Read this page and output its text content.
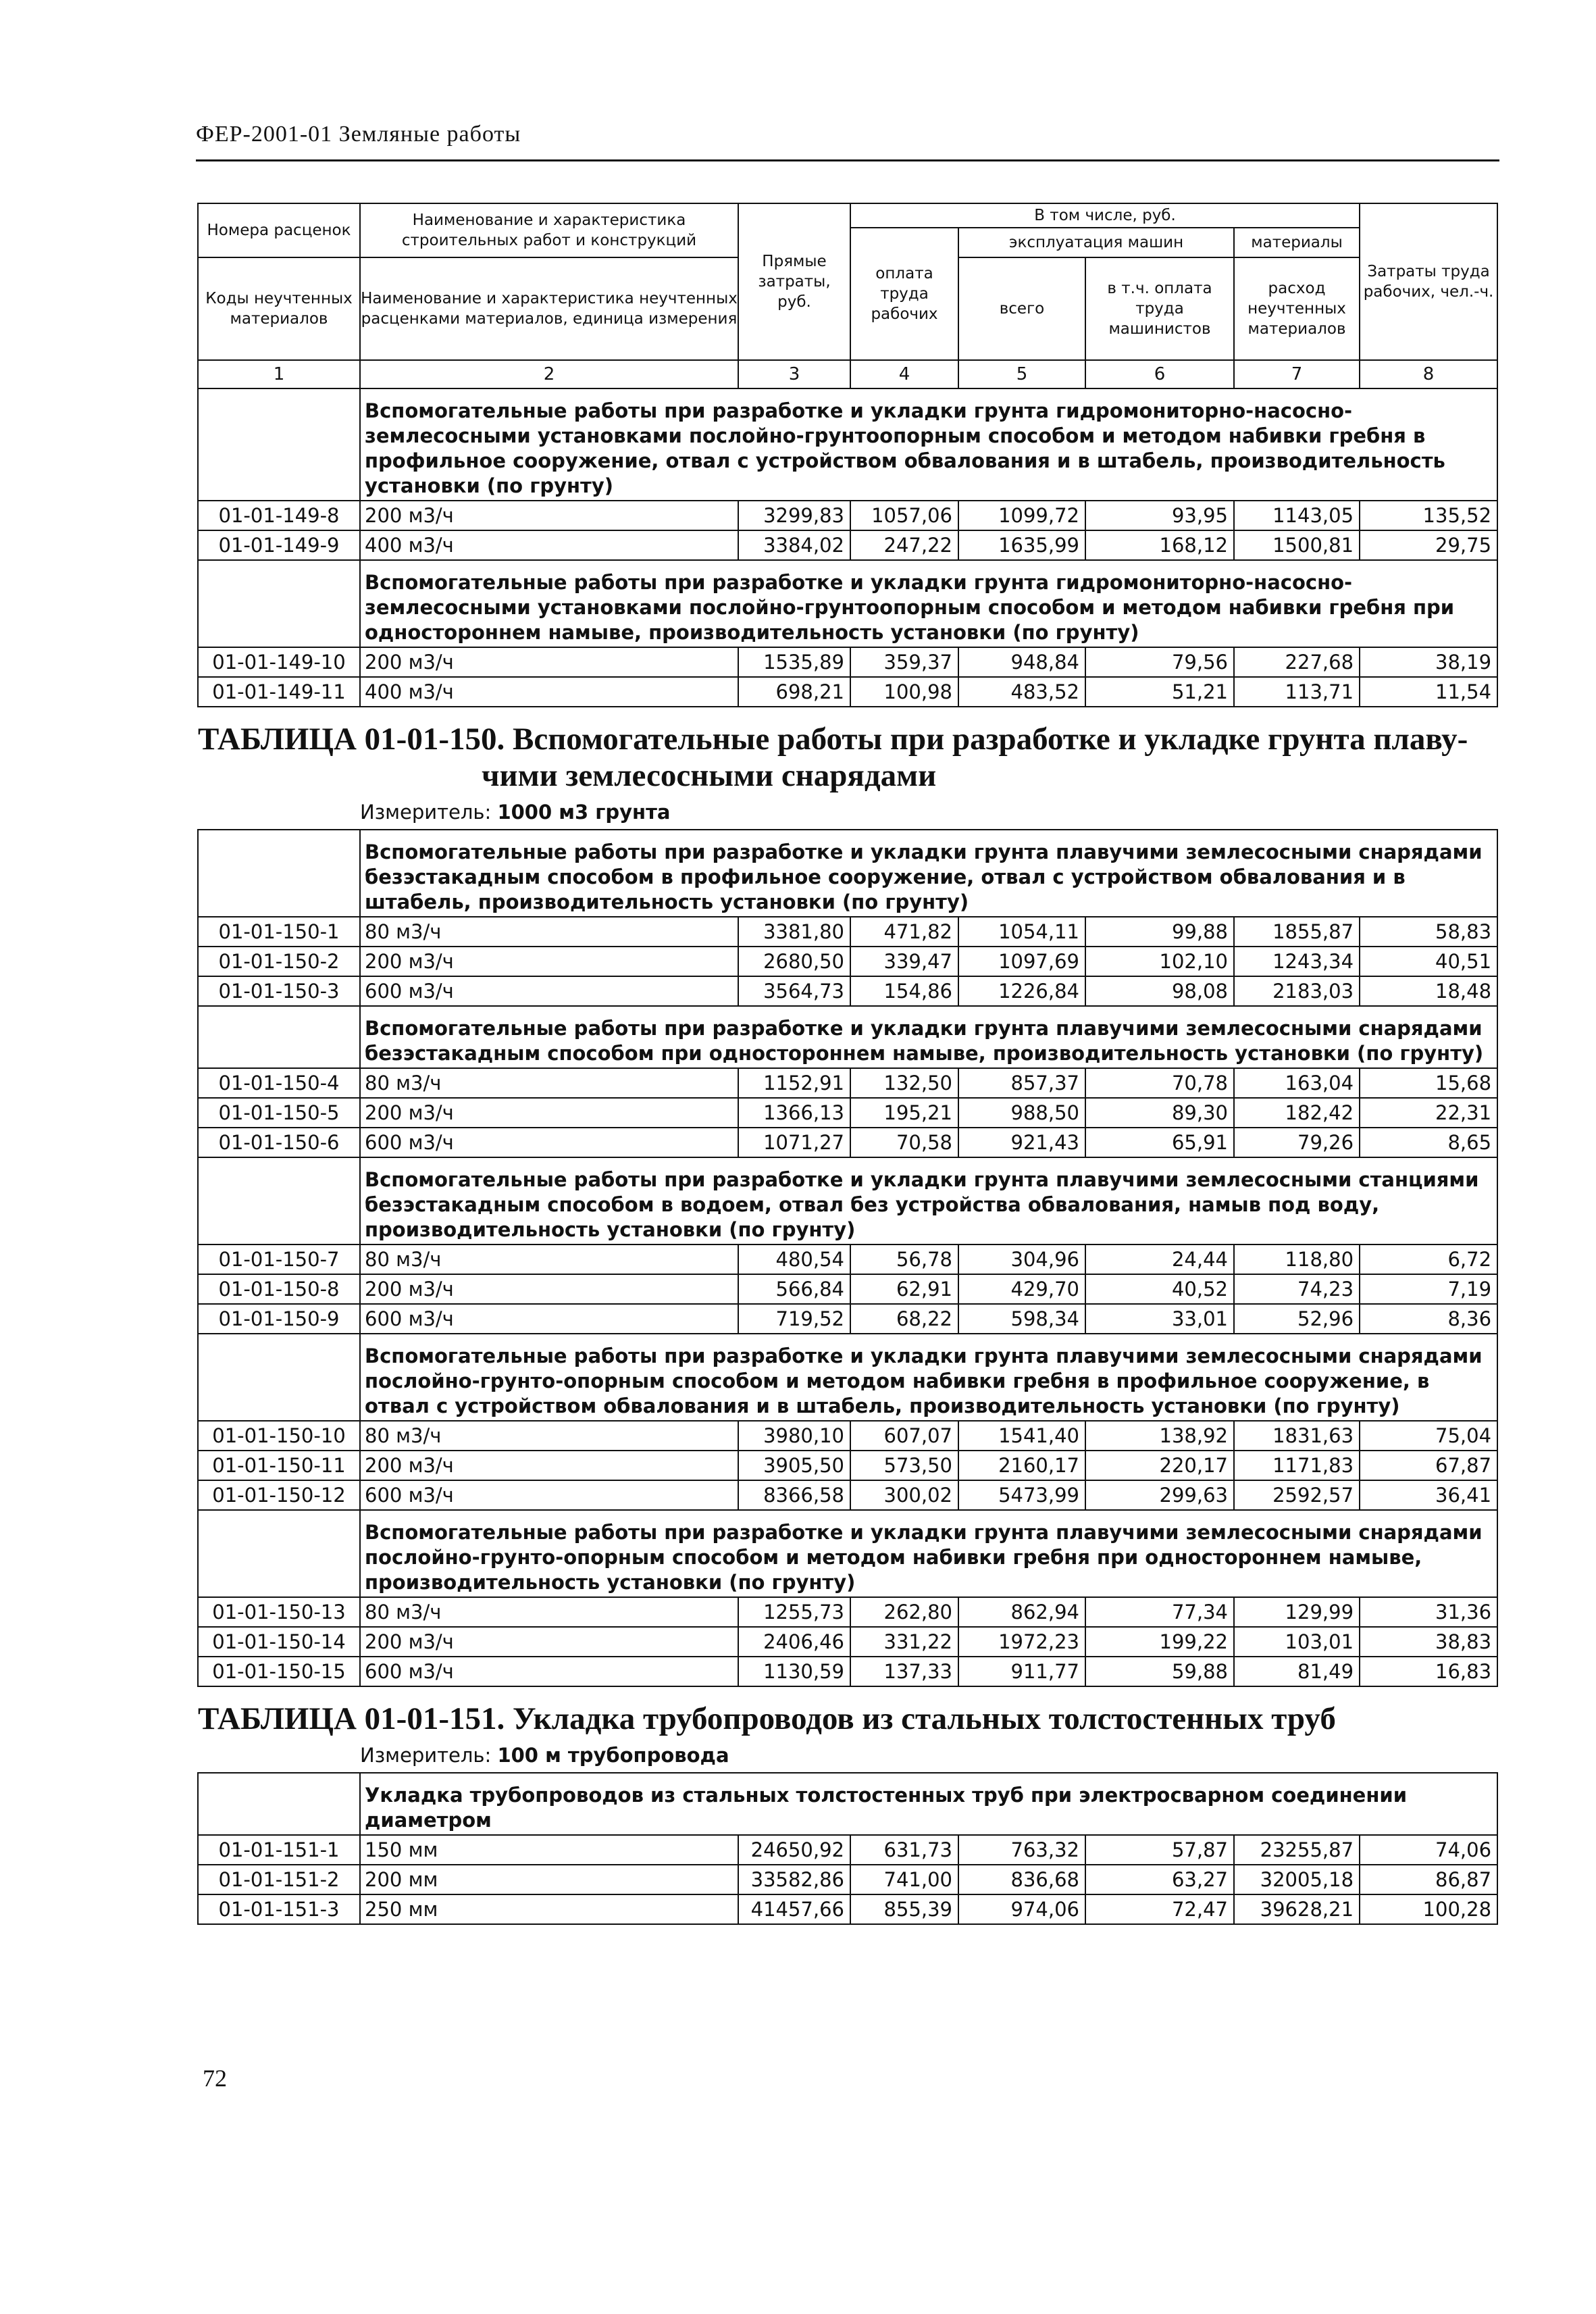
ФЕР-2001-01 Земляные работы
Номера расценок	Наименование и характеристика строительных работ и конструкций	Прямые затраты, руб.	В том числе, руб.				Затраты труда рабочих, чел.-ч.
			оплата труда рабочих	эксплуатация машин		материалы	
Коды неучтенных материалов	Наименование и характеристика неучтенных расценками материалов, единица измерения			всего	в т.ч. оплата труда машинистов	расход неучтенных материалов	

1	2	3	4	5	6	7	8
	Вспомогательные работы при разработке и укладки грунта гидромониторно-насосно-землесосными установками послойно-грунтоопорным способом и методом набивки гребня в профильное сооружение, отвал с устройством обвалования и в штабель, производительность установки (по грунту)						
01-01-149-8	200 м3/ч	3299,83	1057,06	1099,72	93,95	1143,05	135,52
01-01-149-9	400 м3/ч	3384,02	247,22	1635,99	168,12	1500,81	29,75
	Вспомогательные работы при разработке и укладки грунта гидромониторно-насосно-землесосными установками послойно-грунтоопорным способом и методом набивки гребня при одностороннем намыве, производительность установки (по грунту)						
01-01-149-10	200 м3/ч	1535,89	359,37	948,84	79,56	227,68	38,19
01-01-149-11	400 м3/ч	698,21	100,98	483,52	51,21	113,71	11,54
ТАБЛИЦА 01-01-150. Вспомогательные работы при разработке и укладке грунта плаву-
чими землесосными снарядами							

	Измеритель: 1000 м3 грунта						
	Вспомогательные работы при разработке и укладки грунта плавучими землесосными снарядами безэстакадным способом в профильное сооружение, отвал с устройством обвалования и в штабель, производительность установки (по грунту)						
01-01-150-1	80 м3/ч	3381,80	471,82	1054,11	99,88	1855,87	58,83
01-01-150-2	200 м3/ч	2680,50	339,47	1097,69	102,10	1243,34	40,51
01-01-150-3	600 м3/ч	3564,73	154,86	1226,84	98,08	2183,03	18,48
	Вспомогательные работы при разработке и укладки грунта плавучими землесосными снарядами безэстакадным способом при одностороннем намыве, производительность установки (по грунту)						
01-01-150-4	80 м3/ч	1152,91	132,50	857,37	70,78	163,04	15,68
01-01-150-5	200 м3/ч	1366,13	195,21	988,50	89,30	182,42	22,31
01-01-150-6	600 м3/ч	1071,27	70,58	921,43	65,91	79,26	8,65
	Вспомогательные работы при разработке и укладки грунта плавучими землесосными станциями безэстакадным способом в водоем, отвал без устройства обвалования, намыв под воду, производительность установки (по грунту)						
01-01-150-7	80 м3/ч	480,54	56,78	304,96	24,44	118,80	6,72
01-01-150-8	200 м3/ч	566,84	62,91	429,70	40,52	74,23	7,19
01-01-150-9	600 м3/ч	719,52	68,22	598,34	33,01	52,96	8,36
	Вспомогательные работы при разработке и укладки грунта плавучими землесосными снарядами послойно-грунто-опорным способом и методом набивки гребня в профильное сооружение, в отвал с устройством обвалования и в штабель, производительность установки (по грунту)						
01-01-150-10	80 м3/ч	3980,10	607,07	1541,40	138,92	1831,63	75,04
01-01-150-11	200 м3/ч	3905,50	573,50	2160,17	220,17	1171,83	67,87
01-01-150-12	600 м3/ч	8366,58	300,02	5473,99	299,63	2592,57	36,41
	Вспомогательные работы при разработке и укладки грунта плавучими землесосными снарядами послойно-грунто-опорным способом и методом набивки гребня при одностороннем намыве, производительность установки (по грунту)						
01-01-150-13	80 м3/ч	1255,73	262,80	862,94	77,34	129,99	31,36
01-01-150-14	200 м3/ч	2406,46	331,22	1972,23	199,22	103,01	38,83
01-01-150-15	600 м3/ч	1130,59	137,33	911,77	59,88	81,49	16,83
ТАБЛИЦА 01-01-151. Укладка трубопроводов из стальных толстостенных труб							
	Измеритель: 100 м трубопровода						
	Укладка трубопроводов из стальных толстостенных труб при электросварном соединении диаметром						
01-01-151-1	150 мм	24650,92	631,73	763,32	57,87	23255,87	74,06
01-01-151-2	200 мм	33582,86	741,00	836,68	63,27	32005,18	86,87
01-01-151-3	250 мм	41457,66	855,39	974,06	72,47	39628,21	100,28
72
